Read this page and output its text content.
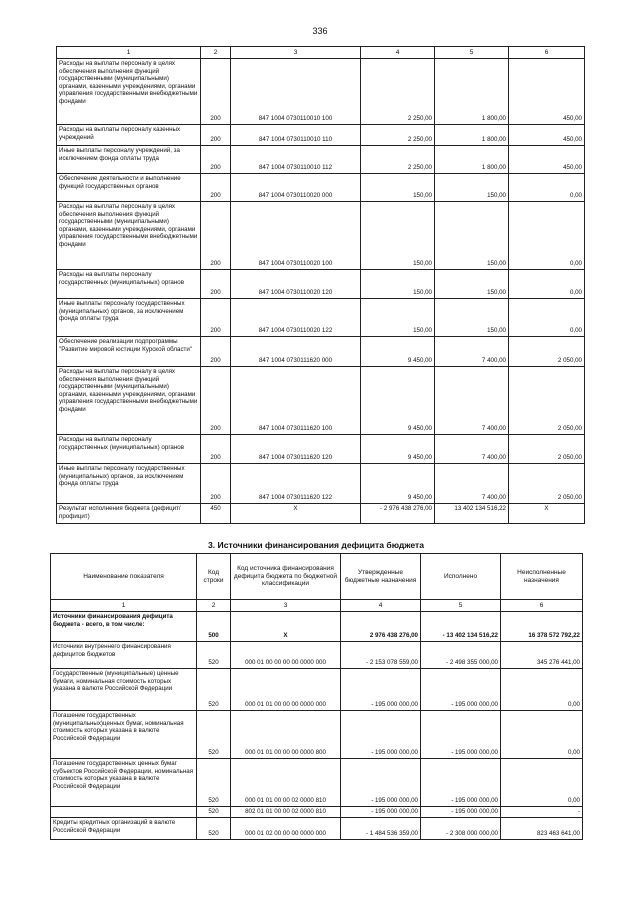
336
1	2	3	4	5	6
Расходы на выплаты персоналу в целях обеспечения выполнения функций государственными (муниципальными) органами, казенными учреждениями, органами управления государственными внебюджетными фондами	200	847 1004 0730110010 100	2 250,00	1 800,00	450,00
Расходы на выплаты персоналу казенных учреждений	200	847 1004 0730110010 110	2 250,00	1 800,00	450,00
Иные выплаты персоналу учреждений, за исключением фонда оплаты труда	200	847 1004 0730110010 112	2 250,00	1 800,00	450,00
Обеспечение деятельности и выполнение функций государственных органов	200	847 1004 0730110020 000	150,00	150,00	0,00
Расходы на выплаты персоналу в целях обеспечения выполнения функций государственными (муниципальными) органами, казенными учреждениями, органами управления государственными внебюджетными фондами	200	847 1004 0730110020 100	150,00	150,00	0,00
Расходы на выплаты персоналу государственных (муниципальных) органов	200	847 1004 0730110020 120	150,00	150,00	0,00
Иные выплаты персоналу государственных (муниципальных) органов, за исключением фонда оплаты труда	200	847 1004 0730110020 122	150,00	150,00	0,00
Обеспечение реализации подпрограммы "Развитие мировой юстиции Курской области"	200	847 1004 0730111620 000	9 450,00	7 400,00	2 050,00
Расходы на выплаты персоналу в целях обеспечения выполнения функций государственными (муниципальными) органами, казенными учреждениями, органами управления государственными внебюджетными фондами	200	847 1004 0730111620 100	9 450,00	7 400,00	2 050,00
Расходы на выплаты персоналу государственных (муниципальных) органов	200	847 1004 0730111620 120	9 450,00	7 400,00	2 050,00
Иные выплаты персоналу государственных (муниципальных) органов, за исключением фонда оплаты труда	200	847 1004 0730111620 122	9 450,00	7 400,00	2 050,00
Результат исполнения бюджета (дефицит/профицит)	450	X	- 2 976 438 276,00	13 402 134 516,22	X
3. Источники финансирования дефицита бюджета
Наименование показателя	Код строки	Код источника финансирования дефицита бюджета по бюджетной классификации	Утвержденные бюджетные назначения	Исполнено	Неисполненные назначения
1	2	3	4	5	6
Источники финансирования дефицита бюджета - всего, в том числе:	500	X	2 976 438 276,00	- 13 402 134 516,22	16 378 572 792,22
Источники внутреннего финансирования дефицитов бюджетов	520	000 01 00 00 00 00 0000 000	- 2 153 078 559,00	- 2 498 355 000,00	345 276 441,00
Государственные (муниципальные) ценные бумаги, номинальная стоимость которых указана в валюте Российской Федерации	520	000 01 01 00 00 00 0000 000	- 195 000 000,00	- 195 000 000,00	0,00
Погашение государственных (муниципальных)ценных бумаг, номинальная стоимость которых указана в валюте Российской Федерации	520	000 01 01 00 00 00 0000 800	- 195 000 000,00	- 195 000 000,00	0,00
Погашение государственных ценных бумаг субъектов Российской Федерации, номинальная стоимость которых указана в валюте Российской Федерации	520	000 01 01 00 00 02 0000 810	- 195 000 000,00	- 195 000 000,00	0,00
	520	802 01 01 00 00 02 0000 810	- 195 000 000,00	- 195 000 000,00	-
Кредиты кредитных организаций в валюте Российской Федерации	520	000 01 02 00 00 00 0000 000	- 1 484 536 359,00	- 2 308 000 000,00	823 463 641,00
